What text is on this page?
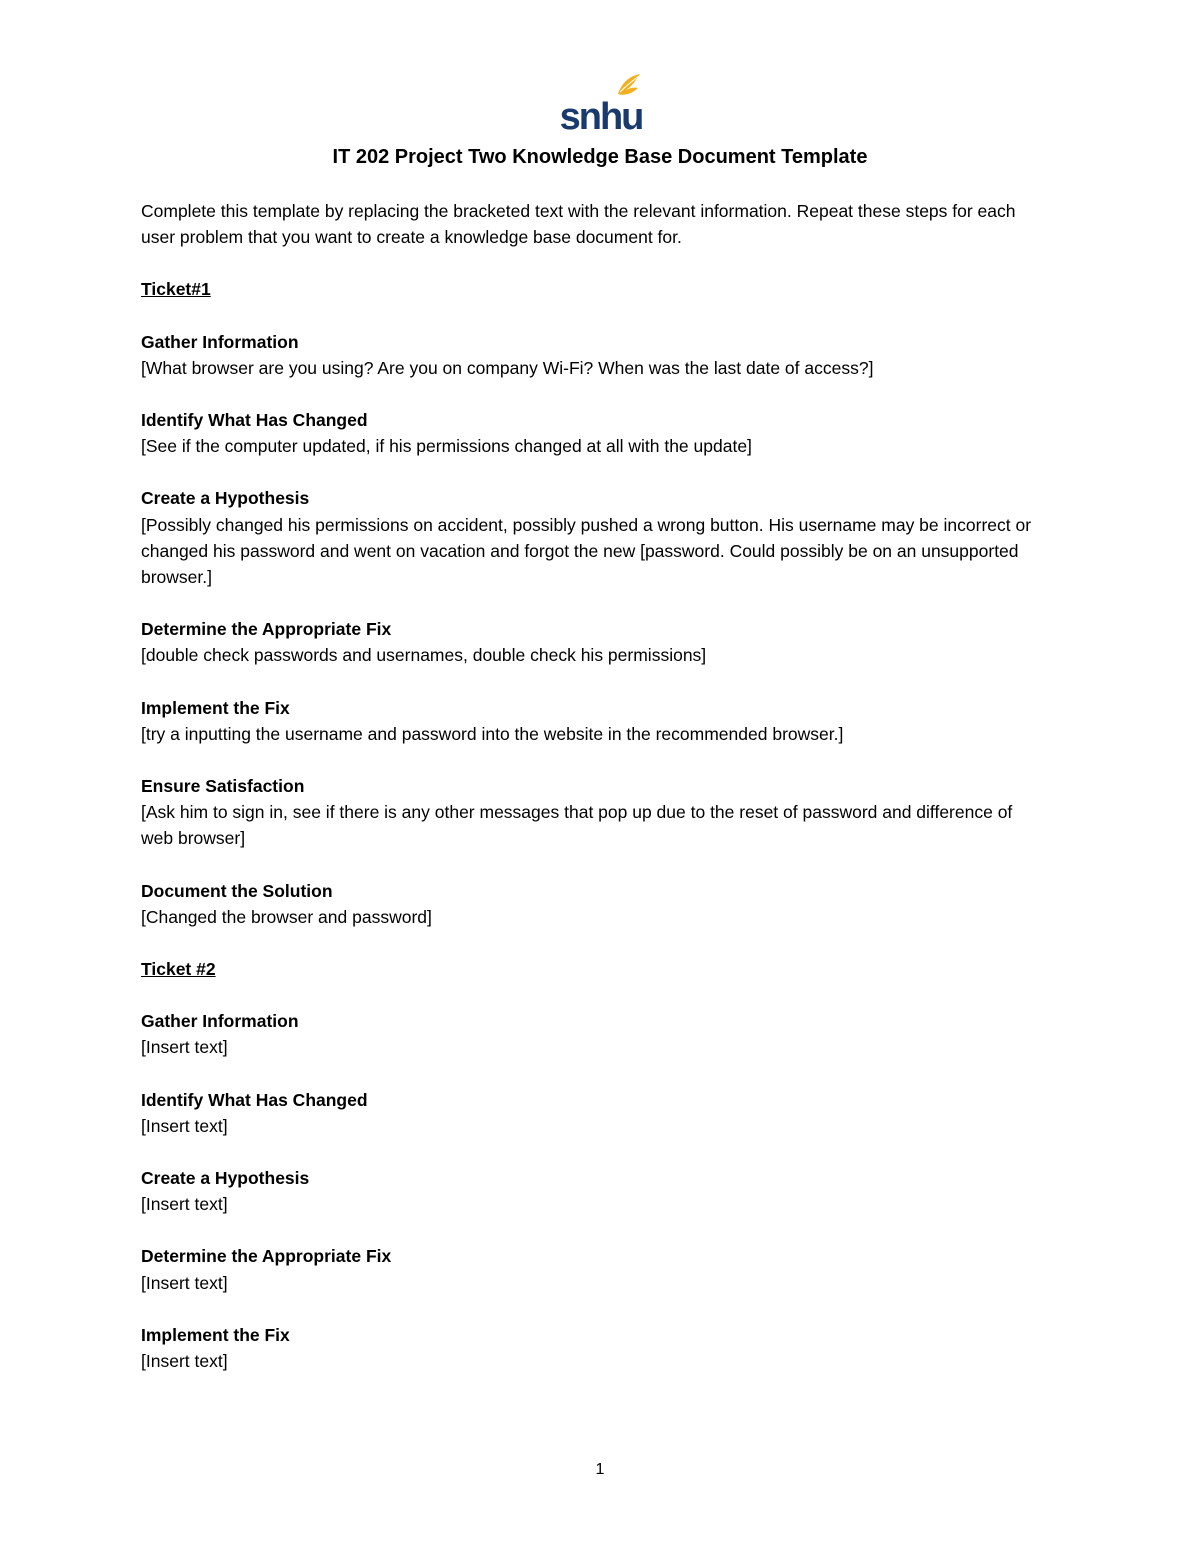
snhu
IT 202 Project Two Knowledge Base Document Template

Complete this template by replacing the bracketed text with the relevant information. Repeat these steps for each user problem that you want to create a knowledge base document for.

Ticket#1
Gather Information
[What browser are you using? Are you on company Wi-Fi? When was the last date of access?]
Identify What Has Changed
[See if the computer updated, if his permissions changed at all with the update]
Create a Hypothesis
[Possibly changed his permissions on accident, possibly pushed a wrong button. His username may be incorrect or changed his password and went on vacation and forgot the new [password. Could possibly be on an unsupported browser.]
Determine the Appropriate Fix
[double check passwords and usernames, double check his permissions]
Implement the Fix
[try a inputting the username and password into the website in the recommended browser.]
Ensure Satisfaction
[Ask him to sign in, see if there is any other messages that pop up due to the reset of password and difference of web browser]
Document the Solution
[Changed the browser and password]
Ticket #2
Gather Information
[Insert text]
Identify What Has Changed
[Insert text]
Create a Hypothesis
[Insert text]
Determine the Appropriate Fix
[Insert text]
Implement the Fix
[Insert text]
1
